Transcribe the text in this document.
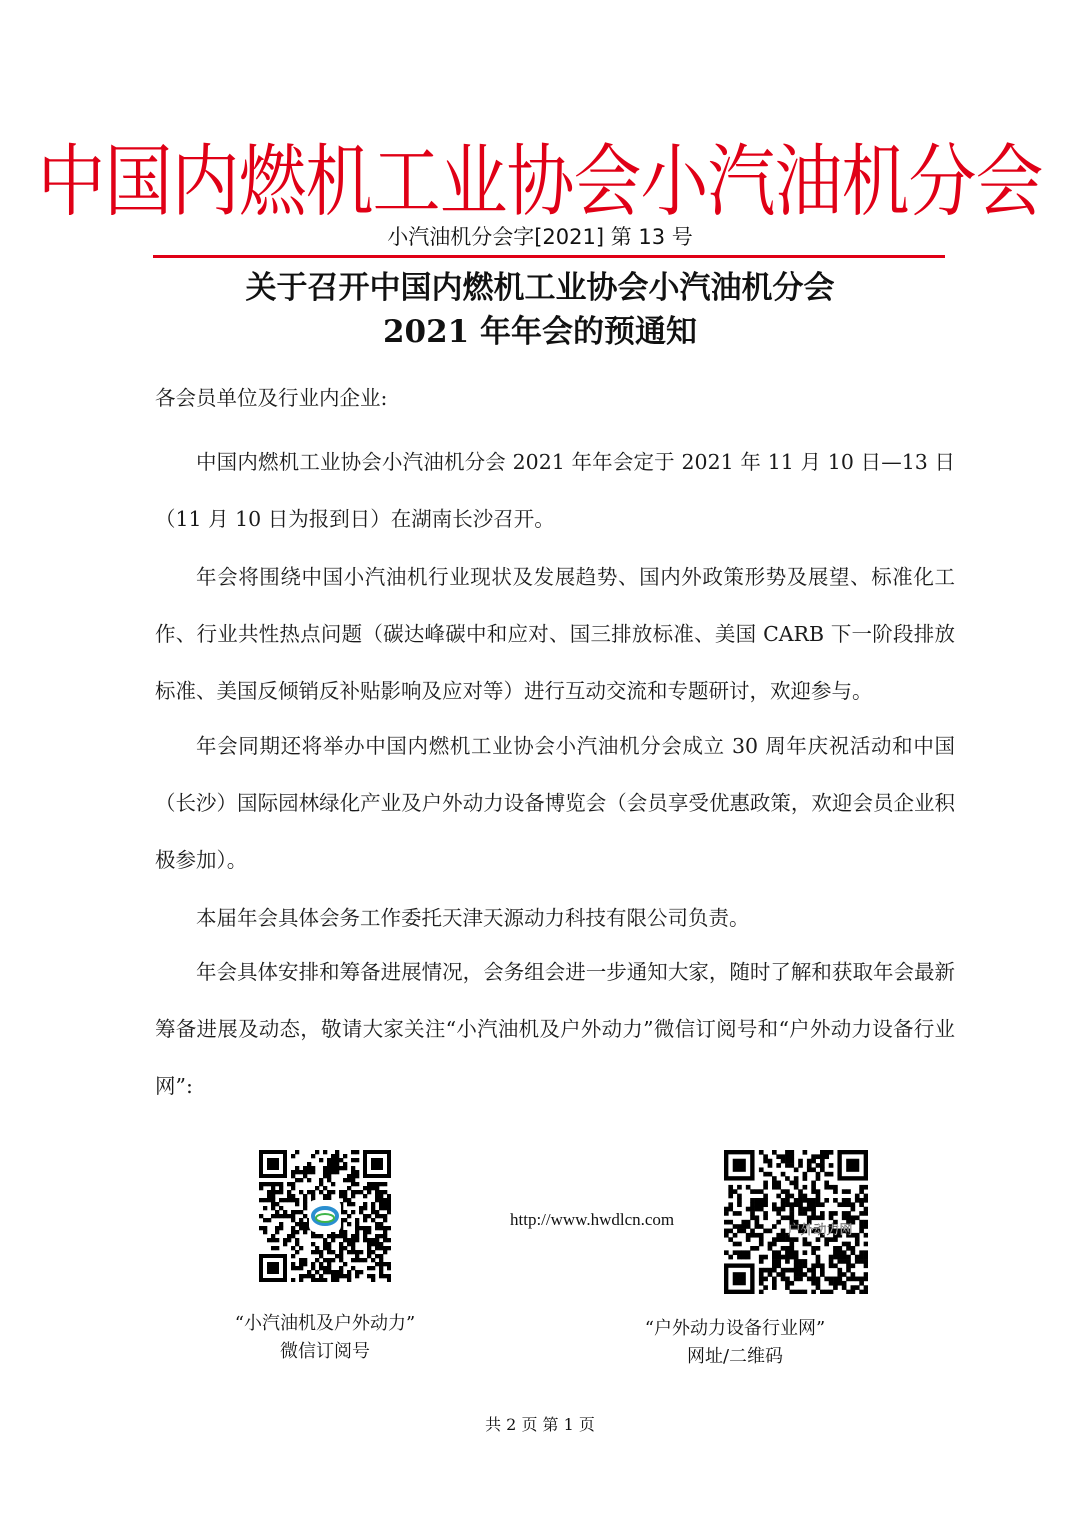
中国内燃机工业协会小汽油机分会
小汽油机分会字[2021] 第 13 号
关于召开中国内燃机工业协会小汽油机分会
2021 年年会的预通知
各会员单位及行业内企业:

中国内燃机工业协会小汽油机分会 2021 年年会定于 2021 年 11 月 10 日—13 日（11 月 10 日为报到日）在湖南长沙召开。

年会将围绕中国小汽油机行业现状及发展趋势、国内外政策形势及展望、标准化工作、行业共性热点问题（碳达峰碳中和应对、国三排放标准、美国 CARB 下一阶段排放标准、美国反倾销反补贴影响及应对等）进行互动交流和专题研讨，欢迎参与。

年会同期还将举办中国内燃机工业协会小汽油机分会成立 30 周年庆祝活动和中国（长沙）国际园林绿化产业及户外动力设备博览会（会员享受优惠政策，欢迎会员企业积极参加）。

本届年会具体会务工作委托天津天源动力科技有限公司负责。

年会具体安排和筹备进展情况，会务组会进一步通知大家，随时了解和获取年会最新筹备进展及动态，敬请大家关注“小汽油机及户外动力”微信订阅号和“户外动力设备行业网”:

http://www.hwdlcn.com
户外动力网
“小汽油机及户外动力”
微信订阅号
“户外动力设备行业网”
网址/二维码
共 2 页 第 1 页
